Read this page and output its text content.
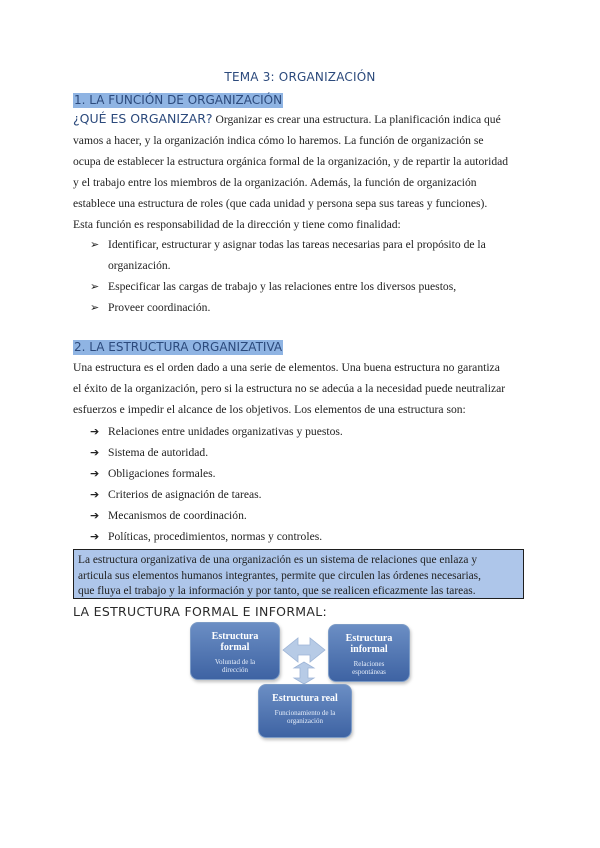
TEMA 3: ORGANIZACIÓN
1. LA FUNCIÓN DE ORGANIZACIÓN
¿QUÉ ES ORGANIZAR? Organizar es crear una estructura. La planificación indica qué
vamos a hacer, y la organización indica cómo lo haremos. La función de organización se
ocupa de establecer la estructura orgánica formal de la organización, y de repartir la autoridad
y el trabajo entre los miembros de la organización. Además, la función de organización
establece una estructura de roles (que cada unidad y persona sepa sus tareas y funciones).
Esta función es responsabilidad de la dirección y tiene como finalidad:
➢ Identificar, estructurar y asignar todas las tareas necesarias para el propósito de la
organización.
➢ Especificar las cargas de trabajo y las relaciones entre los diversos puestos,
➢ Proveer coordinación.
2. LA ESTRUCTURA ORGANIZATIVA
Una estructura es el orden dado a una serie de elementos. Una buena estructura no garantiza
el éxito de la organización, pero si la estructura no se adecúa a la necesidad puede neutralizar
esfuerzos e impedir el alcance de los objetivos. Los elementos de una estructura son:
➔ Relaciones entre unidades organizativas y puestos.
➔ Sistema de autoridad.
➔ Obligaciones formales.
➔ Criterios de asignación de tareas.
➔ Mecanismos de coordinación.
➔ Políticas, procedimientos, normas y controles.
La estructura organizativa de una organización es un sistema de relaciones que enlaza y
articula sus elementos humanos integrantes, permite que circulen las órdenes necesarias,
que fluya el trabajo y la información y por tanto, que se realicen eficazmente las tareas.
LA ESTRUCTURA FORMAL E INFORMAL:
Estructura
formal
Voluntad de la
dirección
Estructura
informal
Relaciones
espontáneas
Estructura real
Funcionamiento de la
organización
